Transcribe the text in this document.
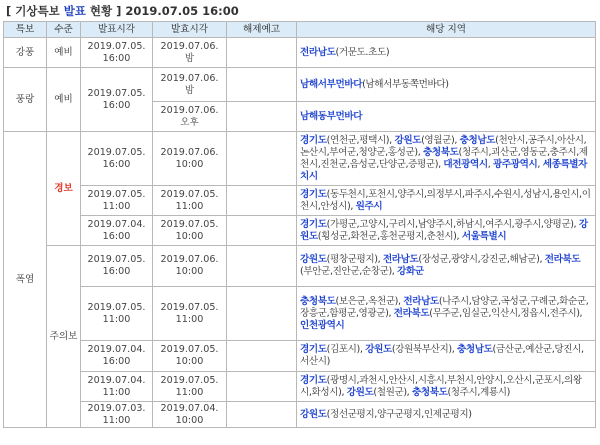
[ 기상특보 발표 현황 ] 2019.07.05 16:00
특보	수준	발표시각	발효시각	해제예고	해당 지역
강풍	예비	2019.07.05. 16:00	2019.07.06. 밤		전라남도(거문도.초도)
풍랑	예비	2019.07.05. 16:00	2019.07.06. 밤		남해서부먼바다(남해서부동쪽먼바다)
			2019.07.06. 오후		남해동부먼바다
폭염	경보	2019.07.05. 16:00	2019.07.06. 10:00		경기도(연천군,평택시), 강원도(영월군), 충청남도(천안시,공주시,아산시,논산시,부여군,청양군,홍성군), 충청북도(청주시,괴산군,영동군,충주시,제천시,진천군,음성군,단양군,증평군), 대전광역시, 광주광역시, 세종특별자치시
		2019.07.05. 11:00	2019.07.05. 11:00		경기도(동두천시,포천시,양주시,의정부시,파주시,수원시,성남시,용인시,이천시,안성시), 원주시
		2019.07.04. 16:00	2019.07.05. 10:00		경기도(가평군,고양시,구리시,남양주시,하남시,여주시,광주시,양평군), 강원도(횡성군,화천군,홍천군평지,춘천시), 서울특별시
	주의보	2019.07.05. 16:00	2019.07.06. 10:00		강원도(평창군평지), 전라남도(장성군,광양시,강진군,해남군), 전라북도(부안군,진안군,순창군), 강화군
		2019.07.05. 11:00	2019.07.05. 11:00		충청북도(보은군,옥천군), 전라남도(나주시,담양군,곡성군,구례군,화순군,장흥군,함평군,영광군), 전라북도(무주군,임실군,익산시,정읍시,전주시), 인천광역시
		2019.07.04. 16:00	2019.07.05. 10:00		경기도(김포시), 강원도(강원북부산지), 충청남도(금산군,예산군,당진시,서산시)
		2019.07.04. 11:00	2019.07.05. 11:00		경기도(광명시,과천시,안산시,시흥시,부천시,안양시,오산시,군포시,의왕시,화성시), 강원도(철원군), 충청북도(청주시,계룡시)
		2019.07.03. 11:00	2019.07.04. 10:00		강원도(정선군평지,양구군평지,인제군평지)
